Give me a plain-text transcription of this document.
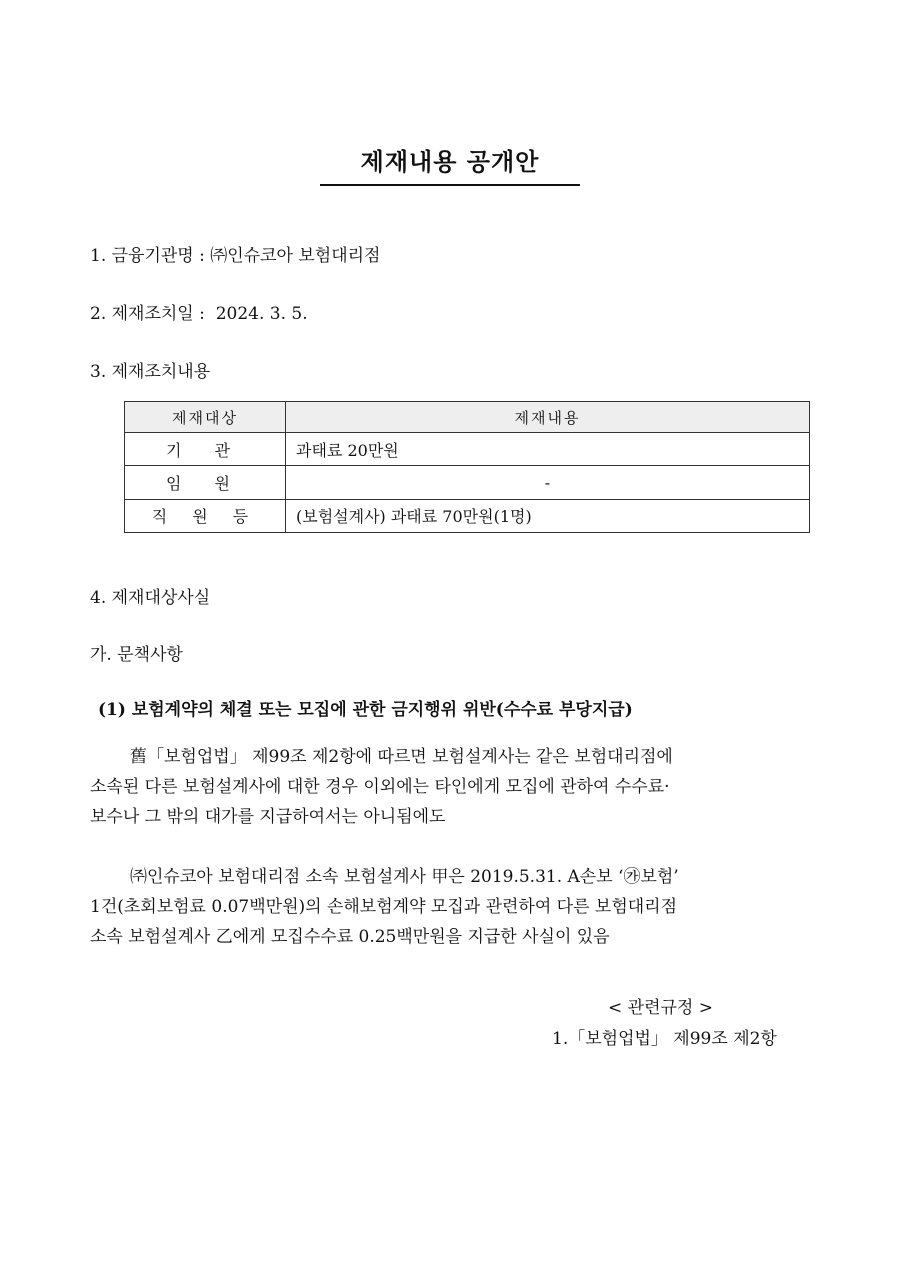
제재내용 공개안
1. 금융기관명 : ㈜인슈코아 보험대리점
2. 제재조치일 : 2024. 3. 5.
3. 제재조치내용
제재대상	제재내용
기 관	과태료 20만원
임 원	-
직 원 등	(보험설계사) 과태료 70만원(1명)
4. 제재대상사실
가. 문책사항
(1) 보험계약의 체결 또는 모집에 관한 금지행위 위반(수수료 부당지급)
舊「보험업법」 제99조 제2항에 따르면 보험설계사는 같은 보험대리점에
소속된 다른 보험설계사에 대한 경우 이외에는 타인에게 모집에 관하여 수수료·
보수나 그 밖의 대가를 지급하여서는 아니됨에도
㈜인슈코아 보험대리점 소속 보험설계사 甲은 2019.5.31. A손보 ‘㉮보험’
1건(초회보험료 0.07백만원)의 손해보험계약 모집과 관련하여 다른 보험대리점
소속 보험설계사 乙에게 모집수수료 0.25백만원을 지급한 사실이 있음
< 관련규정 >
1.「보험업법」 제99조 제2항
